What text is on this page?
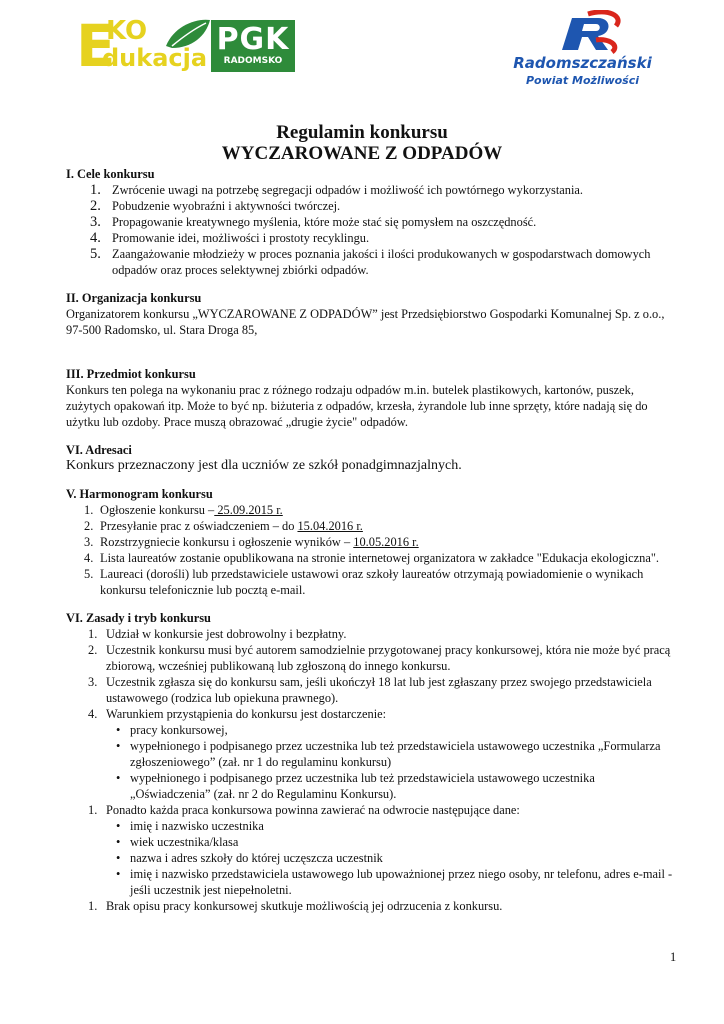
E
KO
dukacja
PGK
RADOMSKO	Radomszczański
Powiat Możliwości
Regulamin konkursu
WYCZAROWANE Z ODPADÓW
I. Cele konkursu
1. Zwrócenie uwagi na potrzebę segregacji odpadów i możliwość ich powtórnego wykorzystania.
2. Pobudzenie wyobraźni i aktywności twórczej.
3. Propagowanie kreatywnego myślenia, które może stać się pomysłem na oszczędność.
4. Promowanie idei, możliwości i prostoty recyklingu.
5. Zaangażowanie młodzieży w proces poznania jakości i ilości produkowanych w gospodarstwach domowych odpadów oraz proces selektywnej zbiórki odpadów.
II. Organizacja konkursu

Organizatorem konkursu „WYCZAROWANE Z ODPADÓW” jest Przedsiębiorstwo Gospodarki Komunalnej Sp. z o.o., 97-500 Radomsko, ul. Stara Droga 85,

III. Przedmiot konkursu

Konkurs ten polega na wykonaniu prac z różnego rodzaju odpadów m.in. butelek plastikowych, kartonów, puszek, zużytych opakowań itp. Może to być np. biżuteria z odpadów, krzesła, żyrandole lub inne sprzęty, które nadają się do użytku lub ozdoby. Prace muszą obrazować „drugie życie" odpadów.

VI. Adresaci

Konkurs przeznaczony jest dla uczniów ze szkół ponadgimnazjalnych.

V. Harmonogram konkursu
1. Ogłoszenie konkursu – 25.09.2015 r.
2. Przesyłanie prac z oświadczeniem – do 15.04.2016 r.
3. Rozstrzygniecie konkursu i ogłoszenie wyników – 10.05.2016 r.
4. Lista laureatów zostanie opublikowana na stronie internetowej organizatora w zakładce "Edukacja ekologiczna".
5. Laureaci (dorośli) lub przedstawiciele ustawowi oraz szkoły laureatów otrzymają powiadomienie o wynikach konkursu telefonicznie lub pocztą e-mail.
VI. Zasady i tryb konkursu
1. Udział w konkursie jest dobrowolny i bezpłatny.
2. Uczestnik konkursu musi być autorem samodzielnie przygotowanej pracy konkursowej, która nie może być pracą zbiorową, wcześniej publikowaną lub zgłoszoną do innego konkursu.
3. Uczestnik zgłasza się do konkursu sam, jeśli ukończył 18 lat lub jest zgłaszany przez swojego przedstawiciela ustawowego (rodzica lub opiekuna prawnego).
4. Warunkiem przystąpienia do konkursu jest dostarczenie:
• pracy konkursowej,
• wypełnionego i podpisanego przez uczestnika lub też przedstawiciela ustawowego uczestnika „Formularza zgłoszeniowego” (zał. nr 1 do regulaminu konkursu)
• wypełnionego i podpisanego przez uczestnika lub też przedstawiciela ustawowego uczestnika „Oświadczenia” (zał. nr 2 do Regulaminu Konkursu).
1. Ponadto każda praca konkursowa powinna zawierać na odwrocie następujące dane:
• imię i nazwisko uczestnika
• wiek uczestnika/klasa
• nazwa i adres szkoły do której uczęszcza uczestnik
• imię i nazwisko przedstawiciela ustawowego lub upoważnionej przez niego osoby, nr telefonu, adres e-mail - jeśli uczestnik jest niepełnoletni.
1. Brak opisu pracy konkursowej skutkuje możliwością jej odrzucenia z konkursu.
1
